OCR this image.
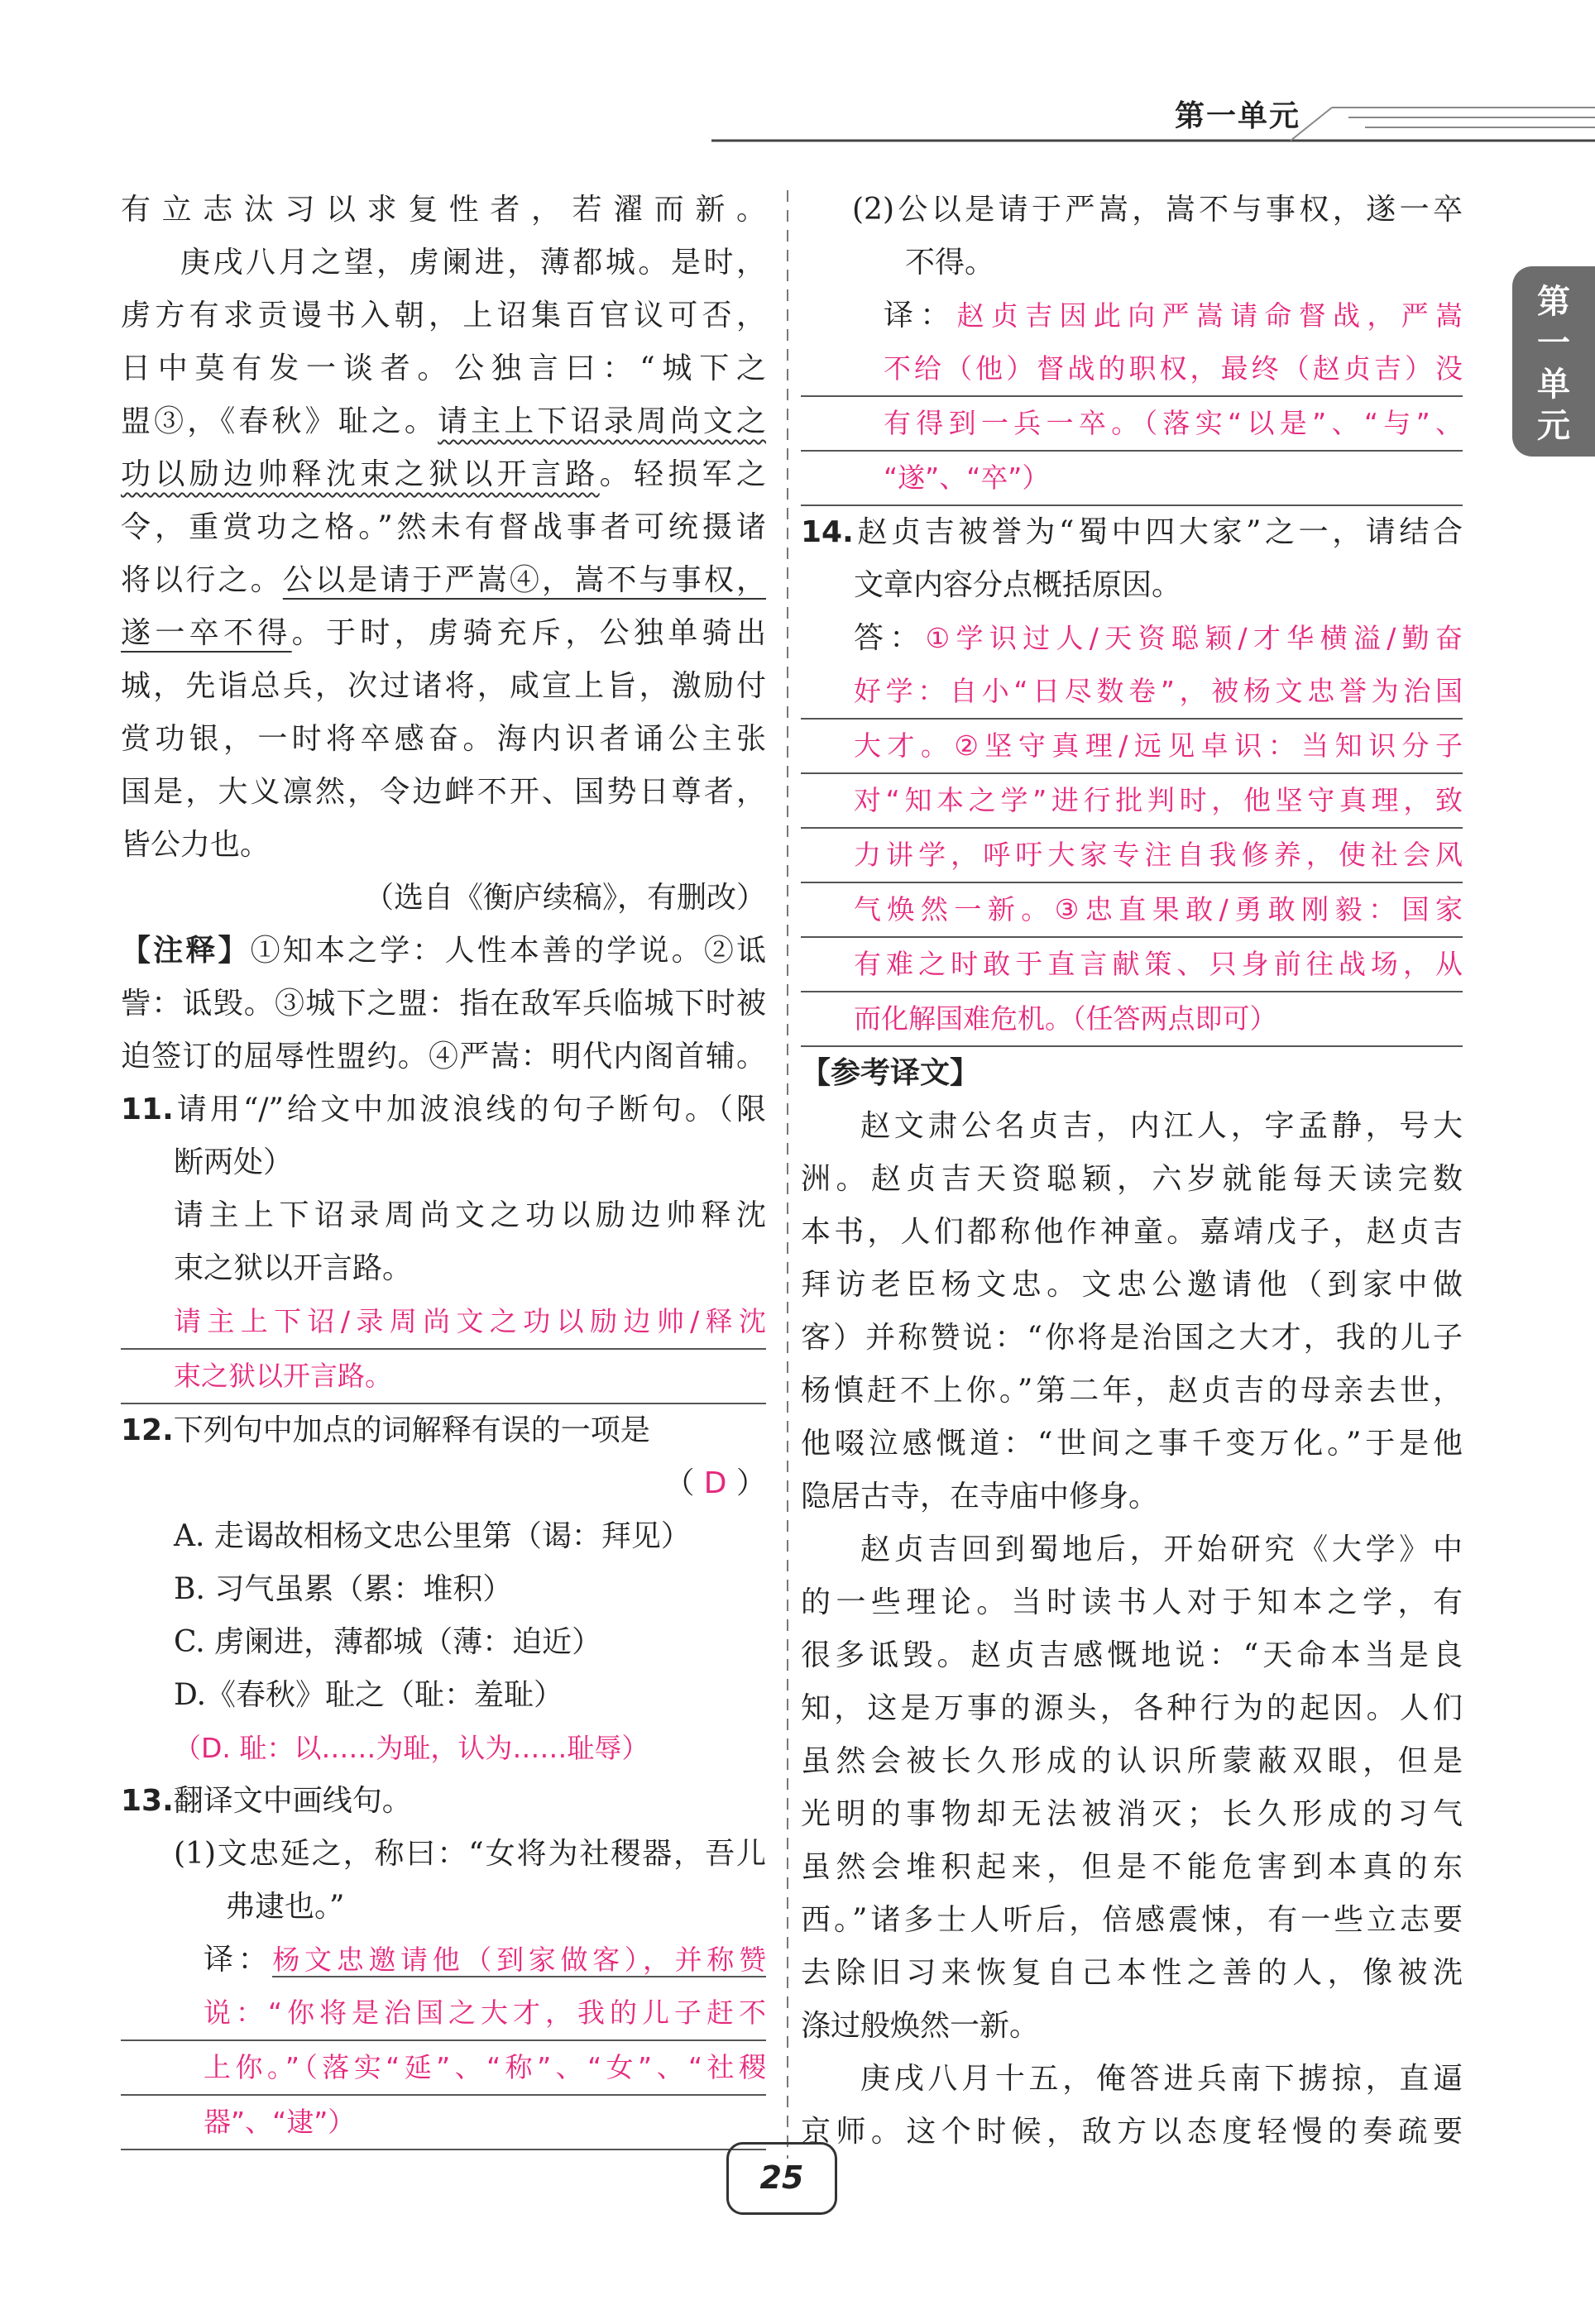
第一单元
第
一
单
元
有立志汰习以求复性者，若濯而新。
庚戌八月之望，虏阑进，薄都城。是时，
虏方有求贡谩书入朝，上诏集百官议可否，
日中莫有发一谈者。公独言曰：“城下之
盟③，《春秋》耻之。请主上下诏录周尚文之
功以励边帅释沈束之狱以开言路。轻损军之
令，重赏功之格。”然未有督战事者可统摄诸
将以行之。公以是请于严嵩④，嵩不与事权，
遂一卒不得。于时，虏骑充斥，公独单骑出
城，先诣总兵，次过诸将，咸宣上旨，激励付
赏功银，一时将卒感奋。海内识者诵公主张
国是，大义凛然，令边衅不开、国势日尊者，
皆公力也。
（选自《衡庐续稿》，有删改）
【注释】①知本之学：人性本善的学说。②诋
訾：诋毁。③城下之盟：指在敌军兵临城下时被
迫签订的屈辱性盟约。④严嵩：明代内阁首辅。
11.请用“/”给文中加波浪线的句子断句。（限
断两处）
请主上下诏录周尚文之功以励边帅释沈
束之狱以开言路。
请主上下诏/录周尚文之功以励边帅/释沈
束之狱以开言路。
12.下列句中加点的词解释有误的一项是
（ D ）
A. 走谒故相杨文忠公里第（谒：拜见）
B. 习气虽累（累：堆积）
C. 虏阑进，薄都城（薄：迫近）
D.《春秋》耻之（耻：羞耻）
（D. 耻：以……为耻，认为……耻辱）
13.翻译文中画线句。
(1)文忠延之，称曰：“女将为社稷器，吾儿
弗逮也。”
译：杨文忠邀请他（到家做客），并称赞
说：“你将是治国之大才，我的儿子赶不
上你。”（落实“延”、“称”、“女”、“社稷
器”、“逮”）
(2)公以是请于严嵩，嵩不与事权，遂一卒
不得。
译：赵贞吉因此向严嵩请命督战，严嵩
不给（他）督战的职权，最终（赵贞吉）没
有得到一兵一卒。（落实“以是”、“与”、
“遂”、“卒”）
14.赵贞吉被誉为“蜀中四大家”之一，请结合
文章内容分点概括原因。
答：①学识过人/天资聪颖/才华横溢/勤奋
好学：自小“日尽数卷”，被杨文忠誉为治国
大才。②坚守真理/远见卓识：当知识分子
对“知本之学”进行批判时，他坚守真理，致
力讲学，呼吁大家专注自我修养，使社会风
气焕然一新。③忠直果敢/勇敢刚毅：国家
有难之时敢于直言献策、只身前往战场，从
而化解国难危机。（任答两点即可）
【参考译文】
赵文肃公名贞吉，内江人，字孟静，号大
洲。赵贞吉天资聪颖，六岁就能每天读完数
本书，人们都称他作神童。嘉靖戊子，赵贞吉
拜访老臣杨文忠。文忠公邀请他（到家中做
客）并称赞说：“你将是治国之大才，我的儿子
杨慎赶不上你。”第二年，赵贞吉的母亲去世，
他啜泣感慨道：“世间之事千变万化。”于是他
隐居古寺，在寺庙中修身。
赵贞吉回到蜀地后，开始研究《大学》中
的一些理论。当时读书人对于知本之学，有
很多诋毁。赵贞吉感慨地说：“天命本当是良
知，这是万事的源头，各种行为的起因。人们
虽然会被长久形成的认识所蒙蔽双眼，但是
光明的事物却无法被消灭；长久形成的习气
虽然会堆积起来，但是不能危害到本真的东
西。”诸多士人听后，倍感震悚，有一些立志要
去除旧习来恢复自己本性之善的人，像被洗
涤过般焕然一新。
庚戌八月十五，俺答进兵南下掳掠，直逼
京师。这个时候，敌方以态度轻慢的奏疏要
25
